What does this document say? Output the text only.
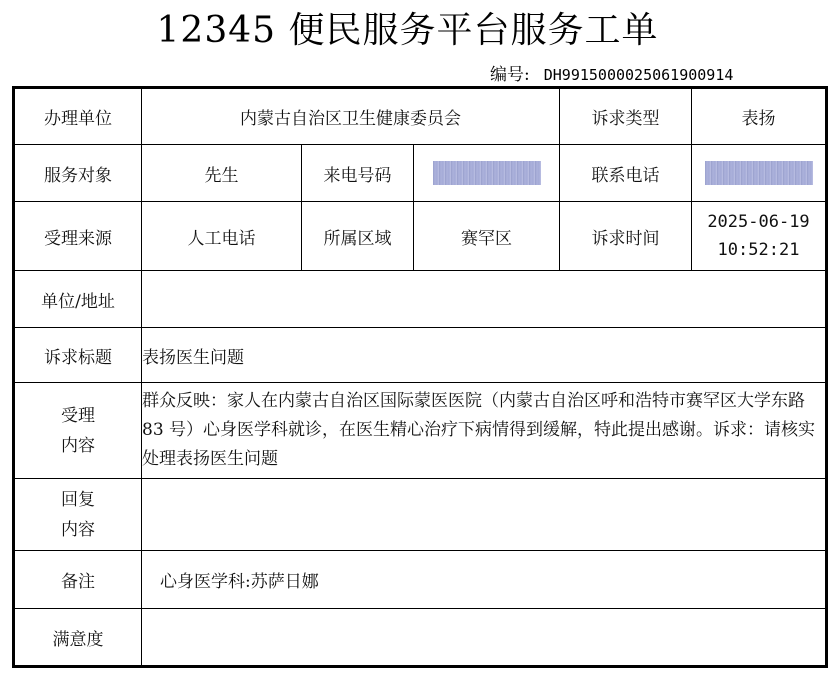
12345 便民服务平台服务工单
编号: DH9915000025061900914
办理单位	内蒙古自治区卫生健康委员会			诉求类型	表扬
服务对象	先生	来电号码		联系电话	
受理来源	人工电话	所属区域	赛罕区	诉求时间	2025-06-19
10:52:21

单位/地址					
诉求标题	表扬医生问题				

受理
内容	群众反映：家人在内蒙古自治区国际蒙医医院（内蒙古自治区呼和浩特市赛罕区大学东路 83 号）心身医学科就诊，在医生精心治疗下病情得到缓解，特此提出感谢。诉求：请核实处理表扬医生问题				

回复
内容					

备注	心身医学科:苏萨日娜				
满意度					
